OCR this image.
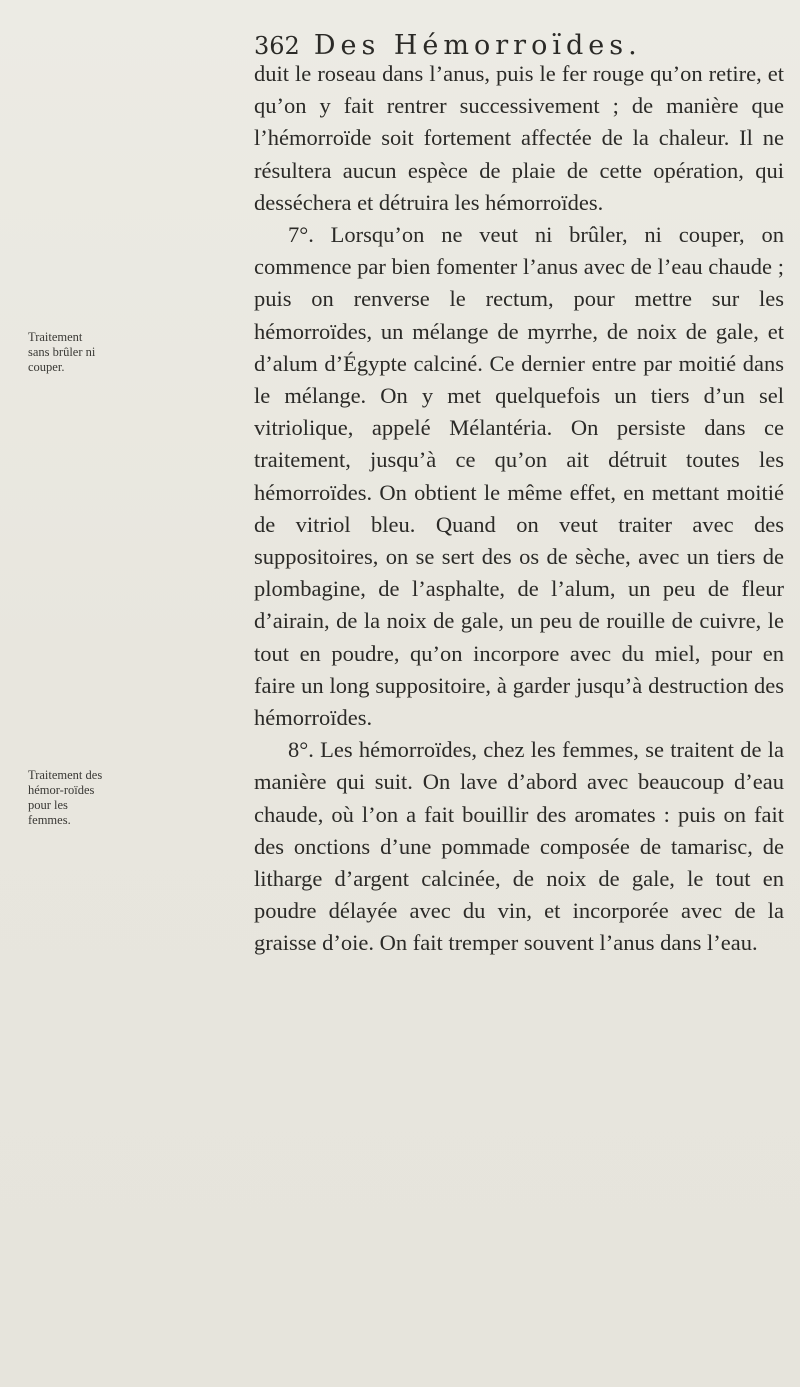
362 Des Hémorroïdes.
Traitement sans brûler ni couper.
Traitement des hémor-roïdes pour les femmes.

duit le roseau dans l’anus, puis le fer rouge qu’on retire, et qu’on y fait rentrer successivement ; de manière que l’hémorroïde soit fortement affectée de la chaleur. Il ne résultera aucun espèce de plaie de cette opération, qui desséchera et détruira les hémorroïdes.

7°. Lorsqu’on ne veut ni brûler, ni couper, on commence par bien fomenter l’anus avec de l’eau chaude ; puis on renverse le rectum, pour mettre sur les hémorroïdes, un mélange de myrrhe, de noix de gale, et d’alum d’Égypte calciné. Ce dernier entre par moitié dans le mélange. On y met quelquefois un tiers d’un sel vitriolique, appelé Mélantéria. On persiste dans ce traitement, jusqu’à ce qu’on ait détruit toutes les hémorroïdes. On obtient le même effet, en mettant moitié de vitriol bleu. Quand on veut traiter avec des suppositoires, on se sert des os de sèche, avec un tiers de plombagine, de l’asphalte, de l’alum, un peu de fleur d’airain, de la noix de gale, un peu de rouille de cuivre, le tout en poudre, qu’on incorpore avec du miel, pour en faire un long suppositoire, à garder jusqu’à destruction des hémorroïdes.

8°. Les hémorroïdes, chez les femmes, se traitent de la manière qui suit. On lave d’abord avec beaucoup d’eau chaude, où l’on a fait bouillir des aromates : puis on fait des onctions d’une pommade composée de tamarisc, de litharge d’argent calcinée, de noix de gale, le tout en poudre délayée avec du vin, et incorporée avec de la graisse d’oie. On fait tremper souvent l’anus dans l’eau.
